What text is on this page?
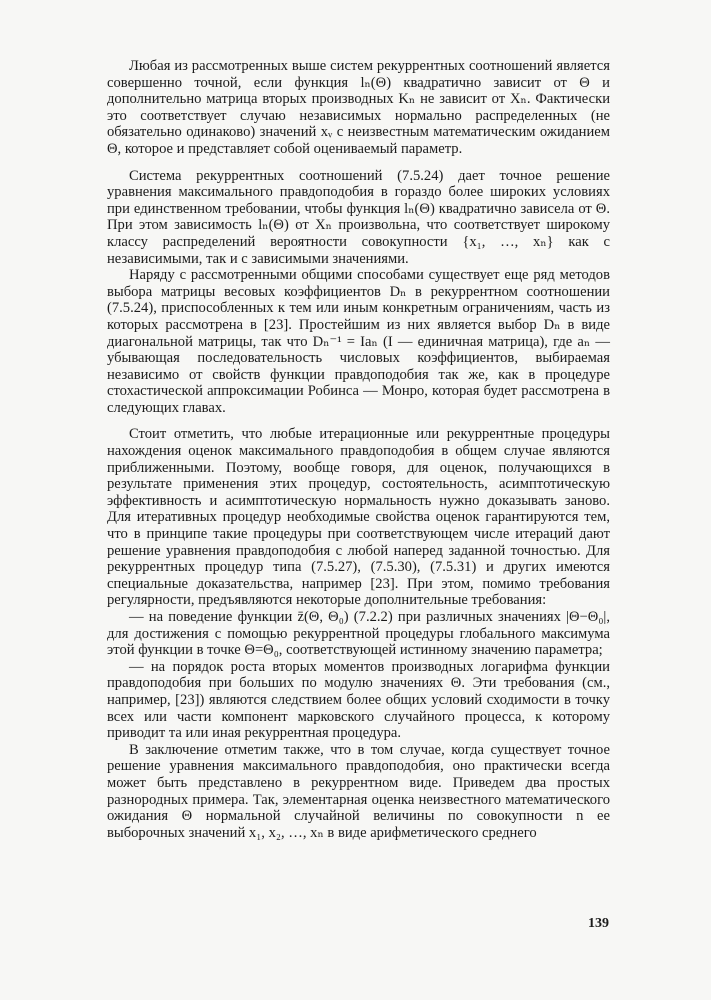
Любая из рассмотренных выше систем рекуррентных соотношений является совершенно точной, если функция lₙ(Θ) квадратично зависит от Θ и дополнительно матрица вторых производных Kₙ не зависит от Xₙ. Фактически это соответствует случаю независимых нормально распределенных (не обязательно одинаково) значений xᵥ с неизвестным математическим ожиданием Θ, которое и представляет собой оцениваемый параметр.

Система рекуррентных соотношений (7.5.24) дает точное решение уравнения максимального правдоподобия в гораздо более широких условиях при единственном требовании, чтобы функция lₙ(Θ) квадратично зависела от Θ. При этом зависимость lₙ(Θ) от Xₙ произвольна, что соответствует широкому классу распределений вероятности совокупности {x₁, …, xₙ} как с независимыми, так и с зависимыми значениями.

Наряду с рассмотренными общими способами существует еще ряд методов выбора матрицы весовых коэффициентов Dₙ в рекуррентном соотношении (7.5.24), приспособленных к тем или иным конкретным ограничениям, часть из которых рассмотрена в [23]. Простейшим из них является выбор Dₙ в виде диагональной матрицы, так что Dₙ⁻¹ = Iaₙ (I — единичная матрица), где aₙ — убывающая последовательность числовых коэффициентов, выбираемая независимо от свойств функции правдоподобия так же, как в процедуре стохастической аппроксимации Робинса — Монро, которая будет рассмотрена в следующих главах.

Стоит отметить, что любые итерационные или рекуррентные процедуры нахождения оценок максимального правдоподобия в общем случае являются приближенными. Поэтому, вообще говоря, для оценок, получающихся в результате применения этих процедур, состоятельность, асимптотическую эффективность и асимптотическую нормальность нужно доказывать заново. Для итеративных процедур необходимые свойства оценок гарантируются тем, что в принципе такие процедуры при соответствующем числе итераций дают решение уравнения правдоподобия с любой наперед заданной точностью. Для рекуррентных процедур типа (7.5.27), (7.5.30), (7.5.31) и других имеются специальные доказательства, например [23]. При этом, помимо требования регулярности, предъявляются некоторые дополнительные требования:

— на поведение функции z̄(Θ, Θ₀) (7.2.2) при различных значениях |Θ−Θ₀|, для достижения с помощью рекуррентной процедуры глобального максимума этой функции в точке Θ=Θ₀, соответствующей истинному значению параметра;

— на порядок роста вторых моментов производных логарифма функции правдоподобия при больших по модулю значениях Θ. Эти требования (см., например, [23]) являются следствием более общих условий сходимости в точку всех или части компонент марковского случайного процесса, к которому приводит та или иная рекуррентная процедура.

В заключение отметим также, что в том случае, когда существует точное решение уравнения максимального правдоподобия, оно практически всегда может быть представлено в рекуррентном виде. Приведем два простых разнородных примера. Так, элементарная оценка неизвестного математического ожидания Θ нормальной случайной величины по совокупности n ее выборочных значений x₁, x₂, …, xₙ в виде арифметического среднего

139
